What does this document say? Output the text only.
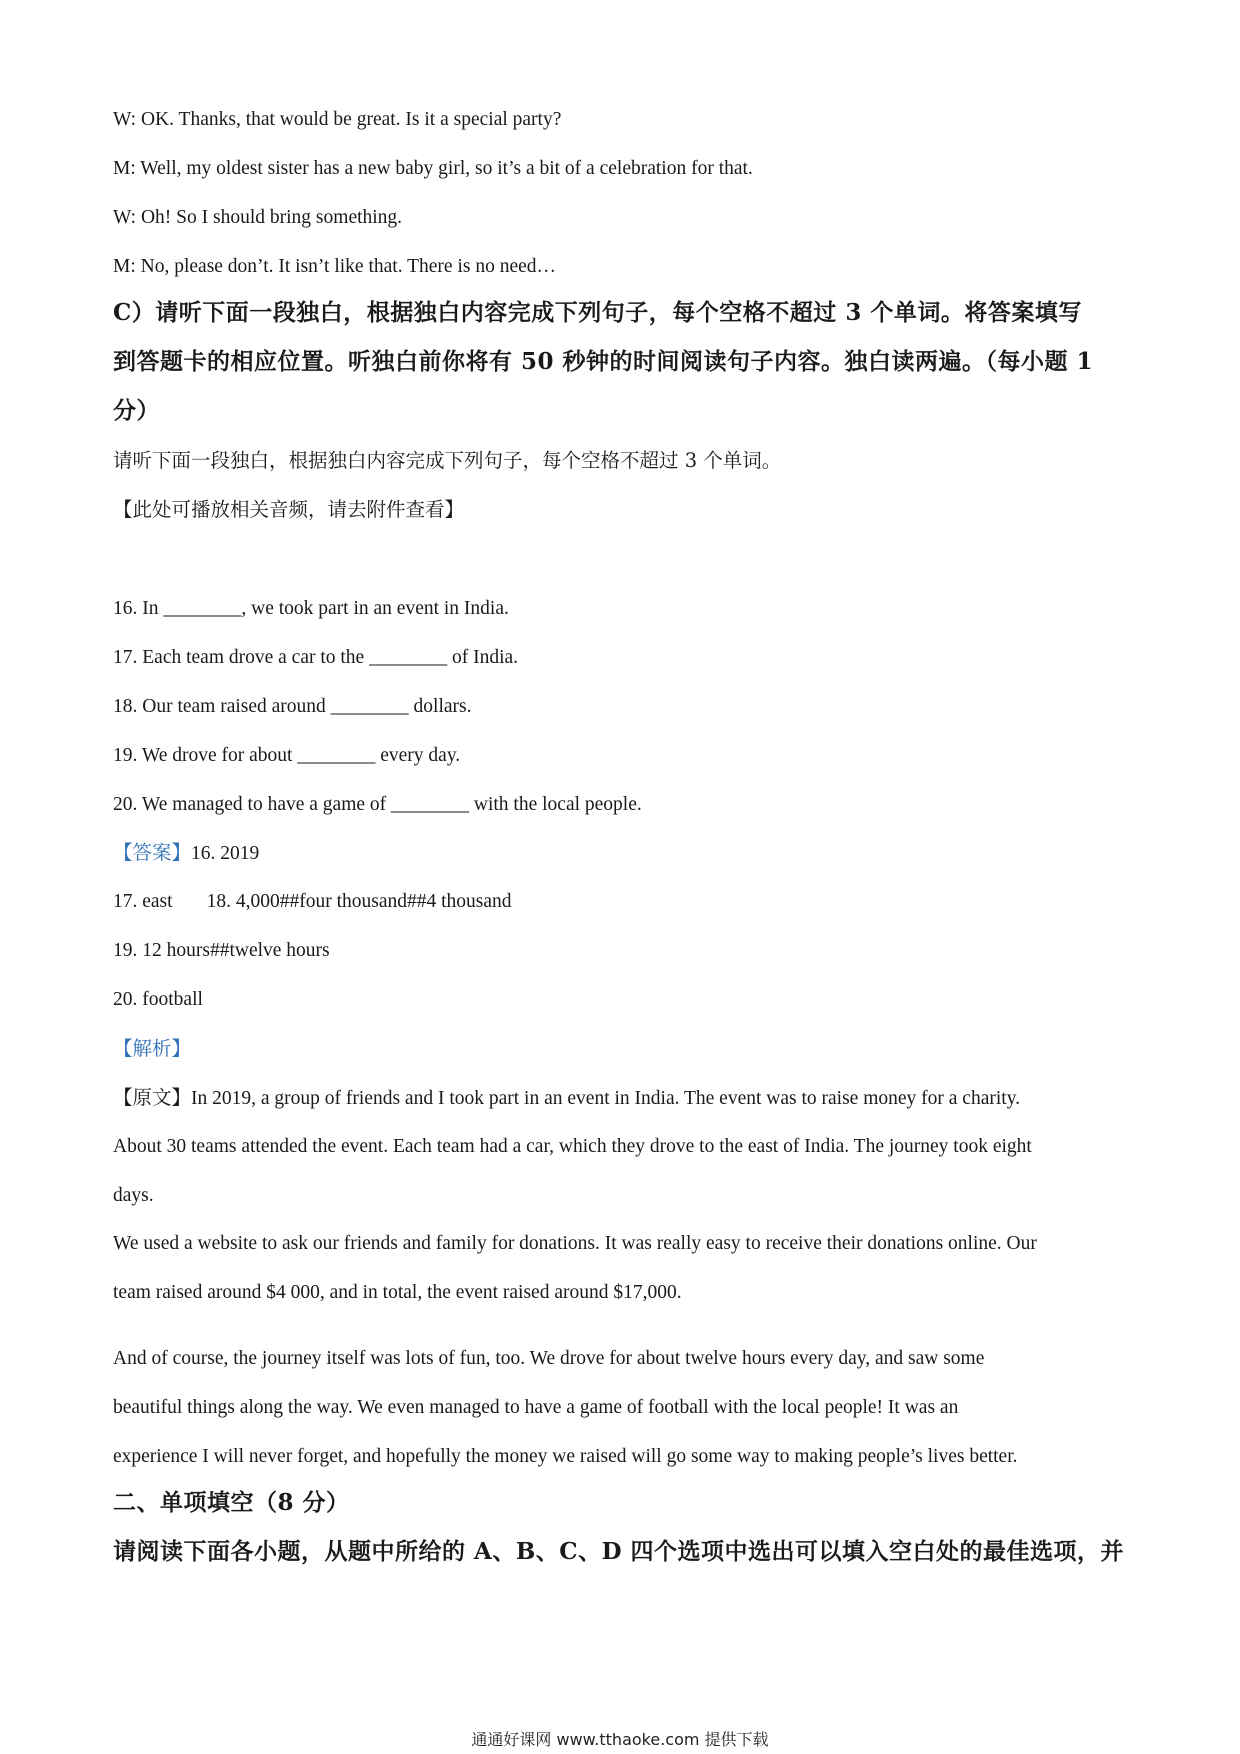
W: OK. Thanks, that would be great. Is it a special party?
M: Well, my oldest sister has a new baby girl, so it’s a bit of a celebration for that.
W: Oh! So I should bring something.
M: No, please don’t. It isn’t like that. There is no need…
C）请听下面一段独白，根据独白内容完成下列句子，每个空格不超过 3 个单词。将答案填写
到答题卡的相应位置。听独白前你将有 50 秒钟的时间阅读句子内容。独白读两遍。（每小题 1
分）
请听下面一段独白，根据独白内容完成下列句子，每个空格不超过 3 个单词。
【此处可播放相关音频，请去附件查看】
16. In ________, we took part in an event in India.
17. Each team drove a car to the ________ of India.
18. Our team raised around ________ dollars.
19. We drove for about ________ every day.
20. We managed to have a game of ________ with the local people.
【答案】16. 2019
17. east 18. 4,000##four thousand##4 thousand
19. 12 hours##twelve hours
20. football
【解析】
【原文】In 2019, a group of friends and I took part in an event in India. The event was to raise money for a charity.
About 30 teams attended the event. Each team had a car, which they drove to the east of India. The journey took eight
days.
We used a website to ask our friends and family for donations. It was really easy to receive their donations online. Our
team raised around $4 000, and in total, the event raised around $17,000.
And of course, the journey itself was lots of fun, too. We drove for about twelve hours every day, and saw some
beautiful things along the way. We even managed to have a game of football with the local people! It was an
experience I will never forget, and hopefully the money we raised will go some way to making people’s lives better.
二、单项填空（8 分）
请阅读下面各小题，从题中所给的 A、B、C、D 四个选项中选出可以填入空白处的最佳选项，并
通通好课网 www.tthaoke.com 提供下载
